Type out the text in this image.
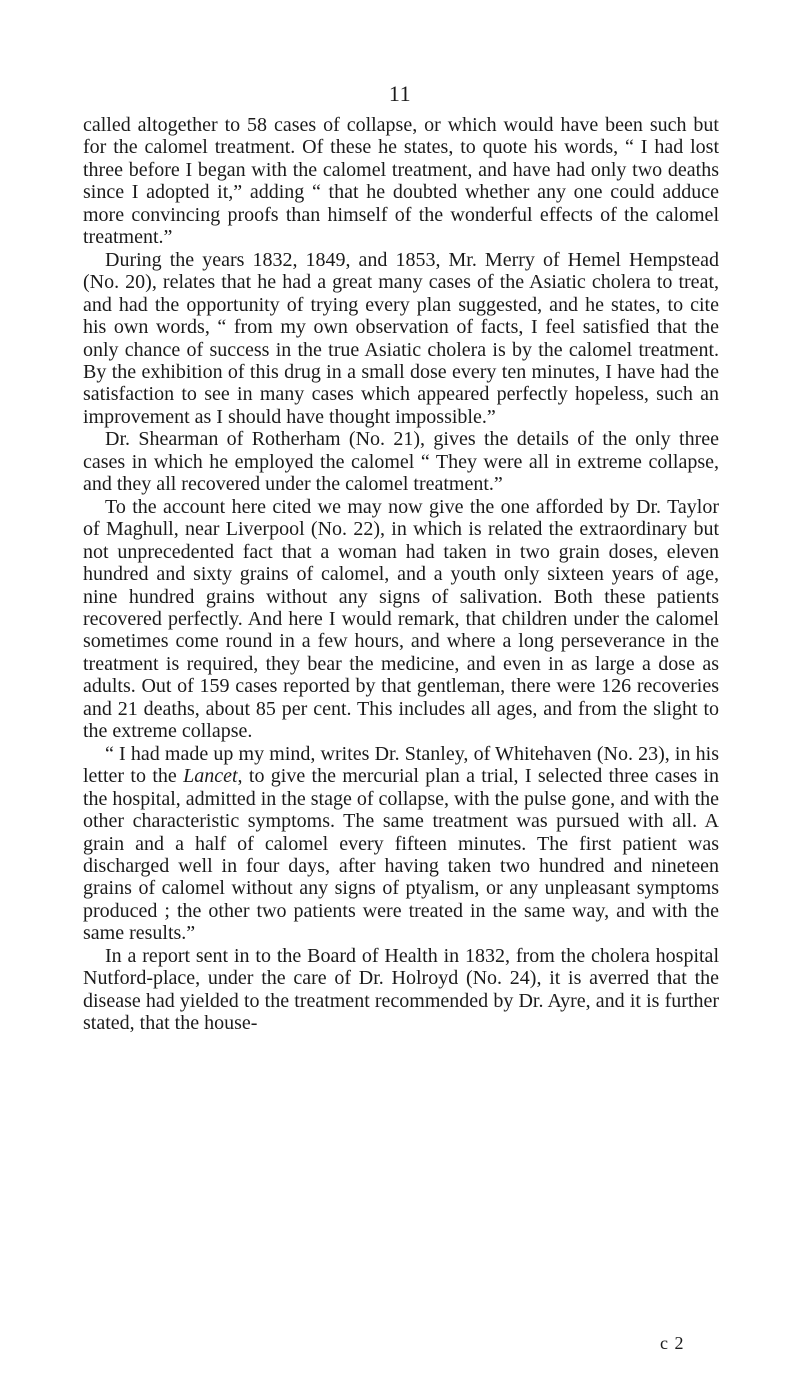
11

called altogether to 58 cases of collapse, or which would have been such but for the calomel treatment. Of these he states, to quote his words, “ I had lost three before I began with the calomel treatment, and have had only two deaths since I adopted it,” adding “ that he doubted whether any one could adduce more convincing proofs than himself of the wonderful effects of the calomel treatment.”

During the years 1832, 1849, and 1853, Mr. Merry of Hemel Hempstead (No. 20), relates that he had a great many cases of the Asiatic cholera to treat, and had the opportunity of trying every plan suggested, and he states, to cite his own words, “ from my own observation of facts, I feel satisfied that the only chance of success in the true Asiatic cholera is by the calomel treatment. By the exhibition of this drug in a small dose every ten minutes, I have had the satisfaction to see in many cases which appeared perfectly hopeless, such an improvement as I should have thought impossible.”

Dr. Shearman of Rotherham (No. 21), gives the details of the only three cases in which he employed the calomel “ They were all in extreme collapse, and they all recovered under the calomel treatment.”

To the account here cited we may now give the one afforded by Dr. Taylor of Maghull, near Liverpool (No. 22), in which is related the extraordinary but not unprecedented fact that a woman had taken in two grain doses, eleven hundred and sixty grains of calomel, and a youth only sixteen years of age, nine hundred grains without any signs of salivation. Both these patients recovered perfectly. And here I would remark, that children under the calomel sometimes come round in a few hours, and where a long perseverance in the treatment is required, they bear the medicine, and even in as large a dose as adults. Out of 159 cases reported by that gentleman, there were 126 recoveries and 21 deaths, about 85 per cent. This includes all ages, and from the slight to the extreme collapse.

“ I had made up my mind, writes Dr. Stanley, of Whitehaven (No. 23), in his letter to the Lancet, to give the mercurial plan a trial, I selected three cases in the hospital, admitted in the stage of collapse, with the pulse gone, and with the other characteristic symptoms. The same treatment was pursued with all. A grain and a half of calomel every fifteen minutes. The first patient was discharged well in four days, after having taken two hundred and nineteen grains of calomel without any signs of ptyalism, or any unpleasant symptoms produced ; the other two patients were treated in the same way, and with the same results.”

In a report sent in to the Board of Health in 1832, from the cholera hospital Nutford-place, under the care of Dr. Holroyd (No. 24), it is averred that the disease had yielded to the treatment recommended by Dr. Ayre, and it is further stated, that the house-

c 2
